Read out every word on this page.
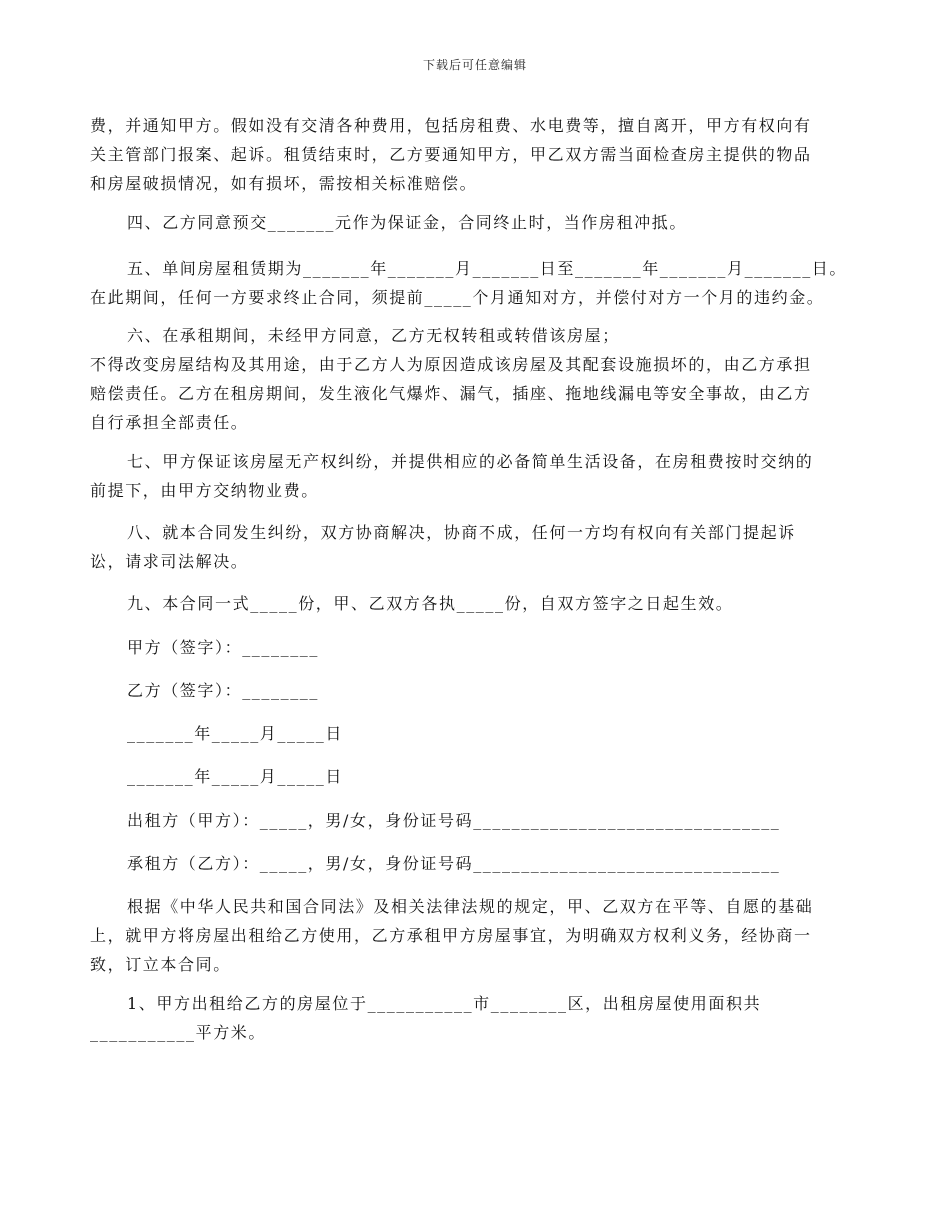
下载后可任意编辑
费，并通知甲方。假如没有交清各种费用，包括房租费、水电费等，擅自离开，甲方有权向有
关主管部门报案、起诉。租赁结束时，乙方要通知甲方，甲乙双方需当面检查房主提供的物品
和房屋破损情况，如有损坏，需按相关标准赔偿。
四、乙方同意预交_______元作为保证金，合同终止时，当作房租冲抵。
五、单间房屋租赁期为_______年_______月_______日至_______年_______月_______日。
在此期间，任何一方要求终止合同，须提前_____个月通知对方，并偿付对方一个月的违约金。
六、在承租期间，未经甲方同意，乙方无权转租或转借该房屋；
不得改变房屋结构及其用途，由于乙方人为原因造成该房屋及其配套设施损坏的，由乙方承担
赔偿责任。乙方在租房期间，发生液化气爆炸、漏气，插座、拖地线漏电等安全事故，由乙方
自行承担全部责任。
七、甲方保证该房屋无产权纠纷，并提供相应的必备简单生活设备，在房租费按时交纳的
前提下，由甲方交纳物业费。
八、就本合同发生纠纷，双方协商解决，协商不成，任何一方均有权向有关部门提起诉
讼，请求司法解决。
九、本合同一式_____份，甲、乙双方各执_____份，自双方签字之日起生效。
甲方（签字）：________
乙方（签字）：________
_______年_____月_____日
_______年_____月_____日
出租方（甲方）：_____，男/女，身份证号码________________________________
承租方（乙方）：_____，男/女，身份证号码________________________________
根据《中华人民共和国合同法》及相关法律法规的规定，甲、乙双方在平等、自愿的基础
上，就甲方将房屋出租给乙方使用，乙方承租甲方房屋事宜，为明确双方权利义务，经协商一
致，订立本合同。
1、甲方出租给乙方的房屋位于___________市________区，出租房屋使用面积共
___________平方米。
